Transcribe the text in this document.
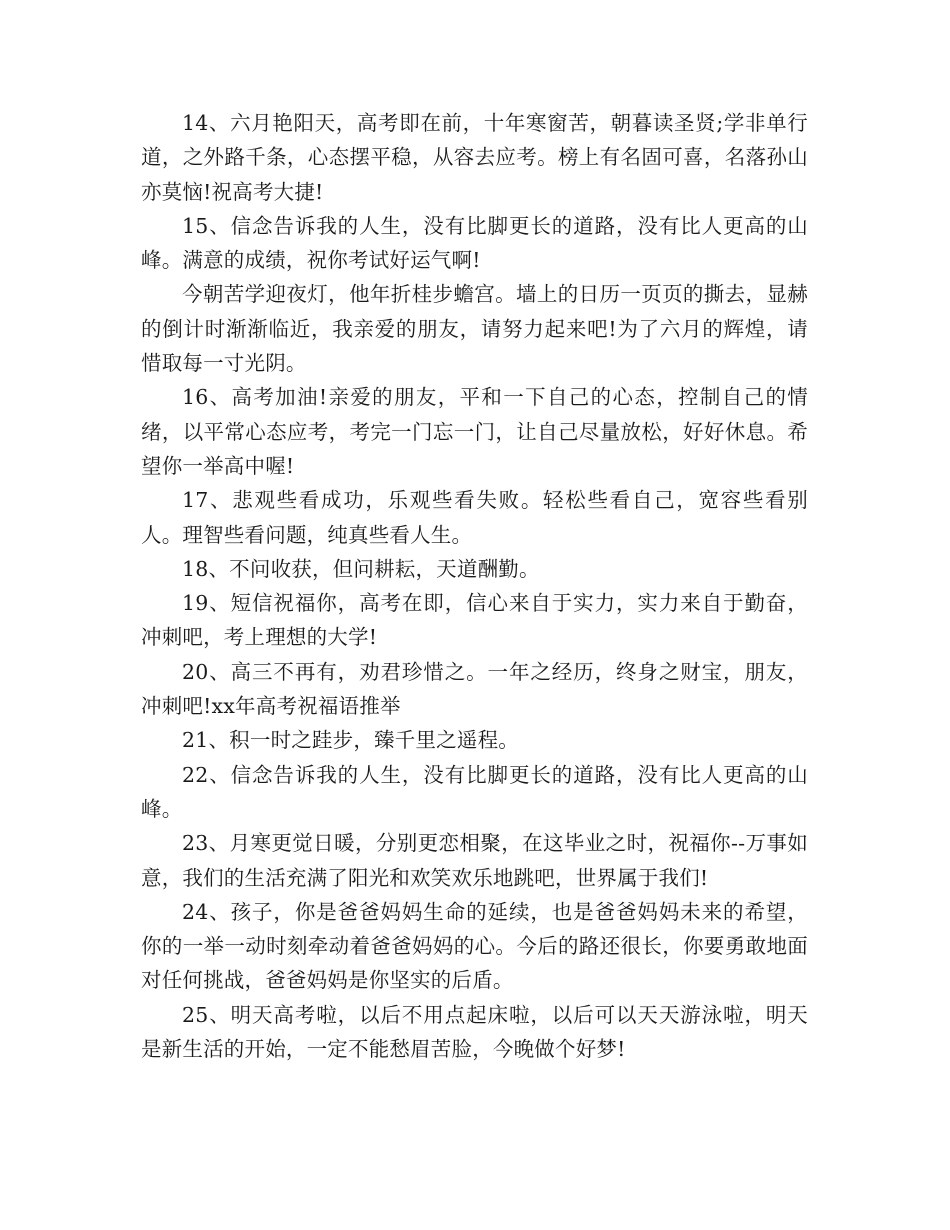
14、六月艳阳天，高考即在前，十年寒窗苦，朝暮读圣贤;学非单行道，之外路千条，心态摆平稳，从容去应考。榜上有名固可喜，名落孙山亦莫恼!祝高考大捷!

15、信念告诉我的人生，没有比脚更长的道路，没有比人更高的山峰。满意的成绩，祝你考试好运气啊!

今朝苦学迎夜灯，他年折桂步蟾宫。墙上的日历一页页的撕去，显赫的倒计时渐渐临近，我亲爱的朋友，请努力起来吧!为了六月的辉煌，请惜取每一寸光阴。

16、高考加油!亲爱的朋友，平和一下自己的心态，控制自己的情绪，以平常心态应考，考完一门忘一门，让自己尽量放松，好好休息。希望你一举高中喔!

17、悲观些看成功，乐观些看失败。轻松些看自己，宽容些看别人。理智些看问题，纯真些看人生。

18、不问收获，但问耕耘，天道酬勤。

19、短信祝福你，高考在即，信心来自于实力，实力来自于勤奋，冲刺吧，考上理想的大学!

20、高三不再有，劝君珍惜之。一年之经历，终身之财宝，朋友，冲刺吧!xx年高考祝福语推举

21、积一时之跬步，臻千里之遥程。

22、信念告诉我的人生，没有比脚更长的道路，没有比人更高的山峰。

23、月寒更觉日暖，分别更恋相聚，在这毕业之时，祝福你--万事如意，我们的生活充满了阳光和欢笑欢乐地跳吧，世界属于我们!

24、孩子，你是爸爸妈妈生命的延续，也是爸爸妈妈未来的希望，你的一举一动时刻牵动着爸爸妈妈的心。今后的路还很长，你要勇敢地面对任何挑战，爸爸妈妈是你坚实的后盾。

25、明天高考啦，以后不用点起床啦，以后可以天天游泳啦，明天是新生活的开始，一定不能愁眉苦脸，今晚做个好梦!
